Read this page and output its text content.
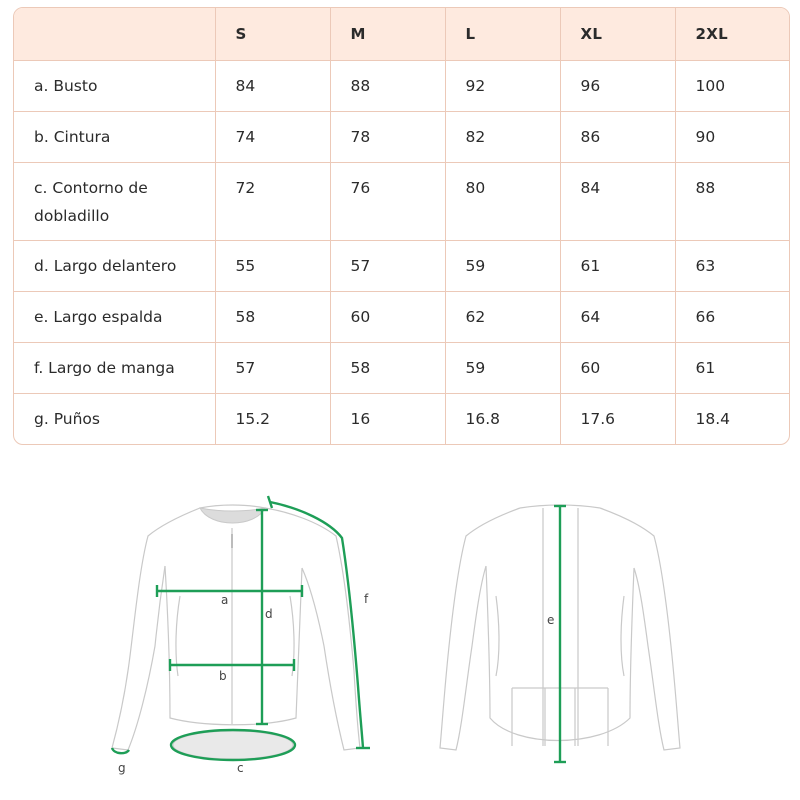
	S	M	L	XL	2XL
a. Busto	84	88	92	96	100
b. Cintura	74	78	82	86	90
c. Contorno de dobladillo	72	76	80	84	88
d. Largo delantero	55	57	59	61	63
e. Largo espalda	58	60	62	64	66
f. Largo de manga	57	58	59	60	61
g. Puños	15.2	16	16.8	17.6	18.4
a
d
b
f
c
g
e
